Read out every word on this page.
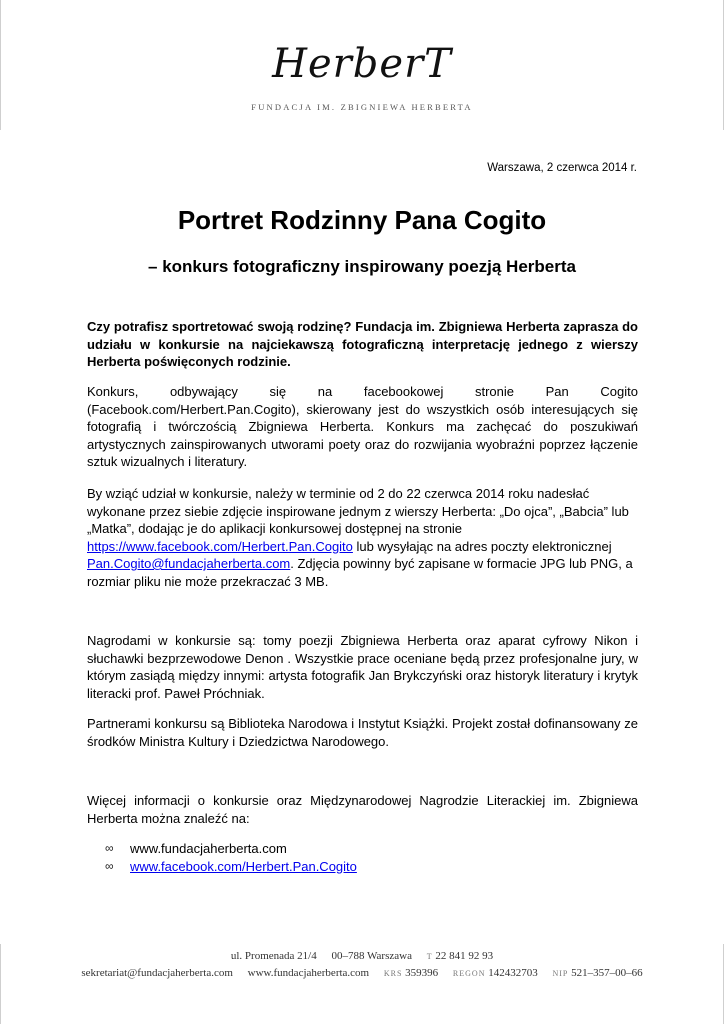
HerberT
FUNDACJA IM. ZBIGNIEWA HERBERTA
Warszawa, 2 czerwca 2014 r.
Portret Rodzinny Pana Cogito
– konkurs fotograficzny inspirowany poezją Herberta
Czy potrafisz sportretować swoją rodzinę? Fundacja im. Zbigniewa Herberta zaprasza do udziału w konkursie na najciekawszą fotograficzną interpretację jednego z wierszy Herberta poświęconych rodzinie.
Konkurs, odbywający się na facebookowej stronie Pan Cogito (Facebook.com/Herbert.Pan.Cogito), skierowany jest do wszystkich osób interesujących się fotografią i twórczością Zbigniewa Herberta. Konkurs ma zachęcać do poszukiwań artystycznych zainspirowanych utworami poety oraz do rozwijania wyobraźni poprzez łączenie sztuk wizualnych i literatury.
By wziąć udział w konkursie, należy w terminie od 2 do 22 czerwca 2014 roku nadesłać wykonane przez siebie zdjęcie inspirowane jednym z wierszy Herberta: „Do ojca”, „Babcia” lub „Matka”, dodając je do aplikacji konkursowej dostępnej na stronie https://www.facebook.com/Herbert.Pan.Cogito lub wysyłając na adres poczty elektronicznej Pan.Cogito@fundacjaherberta.com. Zdjęcia powinny być zapisane w formacie JPG lub PNG, a rozmiar pliku nie może przekraczać 3 MB.
Nagrodami w konkursie są: tomy poezji Zbigniewa Herberta oraz aparat cyfrowy Nikon i słuchawki bezprzewodowe Denon . Wszystkie prace oceniane będą przez profesjonalne jury, w którym zasiądą między innymi: artysta fotografik Jan Brykczyński oraz historyk literatury i krytyk literacki prof. Paweł Próchniak.
Partnerami konkursu są Biblioteka Narodowa i Instytut Książki. Projekt został dofinansowany ze środków Ministra Kultury i Dziedzictwa Narodowego.
Więcej informacji o konkursie oraz Międzynarodowej Nagrodzie Literackiej im. Zbigniewa Herberta można znaleźć na:
∞	www.fundacjaherberta.com
∞	www.facebook.com/Herbert.Pan.Cogito
ul. Promenada 21/4 00–788 Warszawa T 22 841 92 93
sekretariat@fundacjaherberta.com www.fundacjaherberta.com KRS 359396 REGON 142432703 NIP 521–357–00–66
